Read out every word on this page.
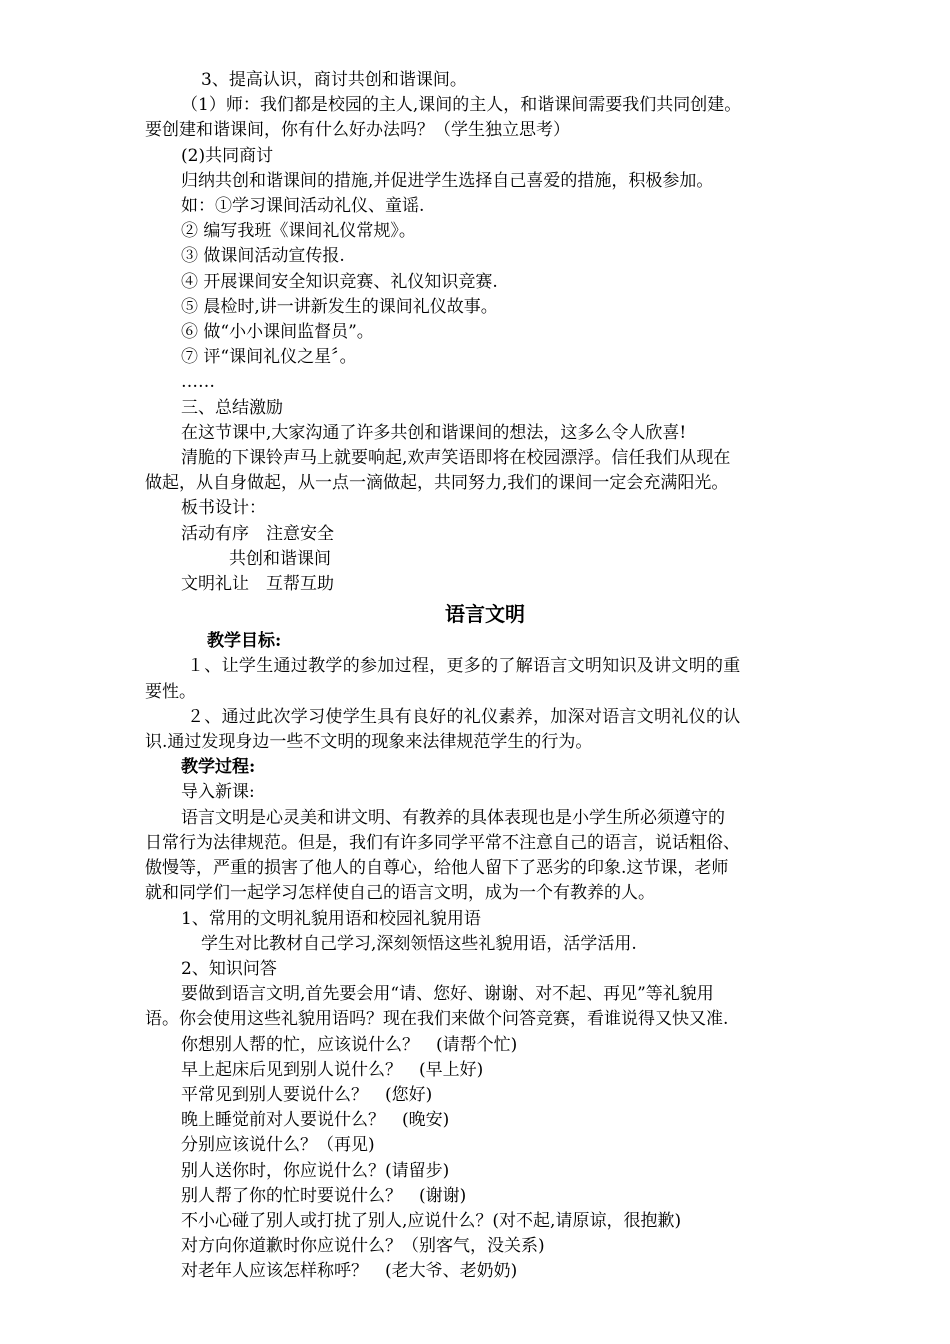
3、提高认识，商讨共创和谐课间。
（1）师：我们都是校园的主人,课间的主人，和谐课间需要我们共同创建。
要创建和谐课间，你有什么好办法吗？（学生独立思考）
(2)共同商讨
归纳共创和谐课间的措施,并促进学生选择自己喜爱的措施，积极参加。
如：①学习课间活动礼仪、童谣.
② 编写我班《课间礼仪常规》。
③ 做课间活动宣传报.
④ 开展课间安全知识竞赛、礼仪知识竞赛.
⑤ 晨检时,讲一讲新发生的课间礼仪故事。
⑥ 做“小小课间监督员”。
⑦ 评“课间礼仪之星〞。
……
三、总结激励
在这节课中,大家沟通了许多共创和谐课间的想法，这多么令人欣喜!
清脆的下课铃声马上就要响起,欢声笑语即将在校园漂浮。信任我们从现在
做起，从自身做起，从一点一滴做起，共同努力,我们的课间一定会充满阳光。
板书设计：
活动有序　注意安全
共创和谐课间
文明礼让　互帮互助
语言文明
教学目标:
１、让学生通过教学的参加过程，更多的了解语言文明知识及讲文明的重
要性。
２、通过此次学习使学生具有良好的礼仪素养，加深对语言文明礼仪的认
识.通过发现身边一些不文明的现象来法律规范学生的行为。
教学过程:
导入新课:
语言文明是心灵美和讲文明、有教养的具体表现也是小学生所必须遵守的
日常行为法律规范。但是，我们有许多同学平常不注意自己的语言，说话粗俗、
傲慢等，严重的损害了他人的自尊心，给他人留下了恶劣的印象.这节课，老师
就和同学们一起学习怎样使自己的语言文明，成为一个有教养的人。
1、常用的文明礼貌用语和校园礼貌用语
学生对比教材自己学习,深刻领悟这些礼貌用语，活学活用.
2、知识问答
要做到语言文明,首先要会用“请、您好、谢谢、对不起、再见”等礼貌用
语。你会使用这些礼貌用语吗？现在我们来做个问答竞赛，看谁说得又快又准.
你想别人帮的忙，应该说什么？　(请帮个忙)
早上起床后见到别人说什么？　(早上好)
平常见到别人要说什么？　(您好)
晚上睡觉前对人要说什么？　(晚安)
分别应该说什么？（再见)
别人送你时，你应说什么？(请留步)
别人帮了你的忙时要说什么？　(谢谢)
不小心碰了别人或打扰了别人,应说什么？(对不起,请原谅，很抱歉)
对方向你道歉时你应说什么？（别客气，没关系)
对老年人应该怎样称呼？　(老大爷、老奶奶)
